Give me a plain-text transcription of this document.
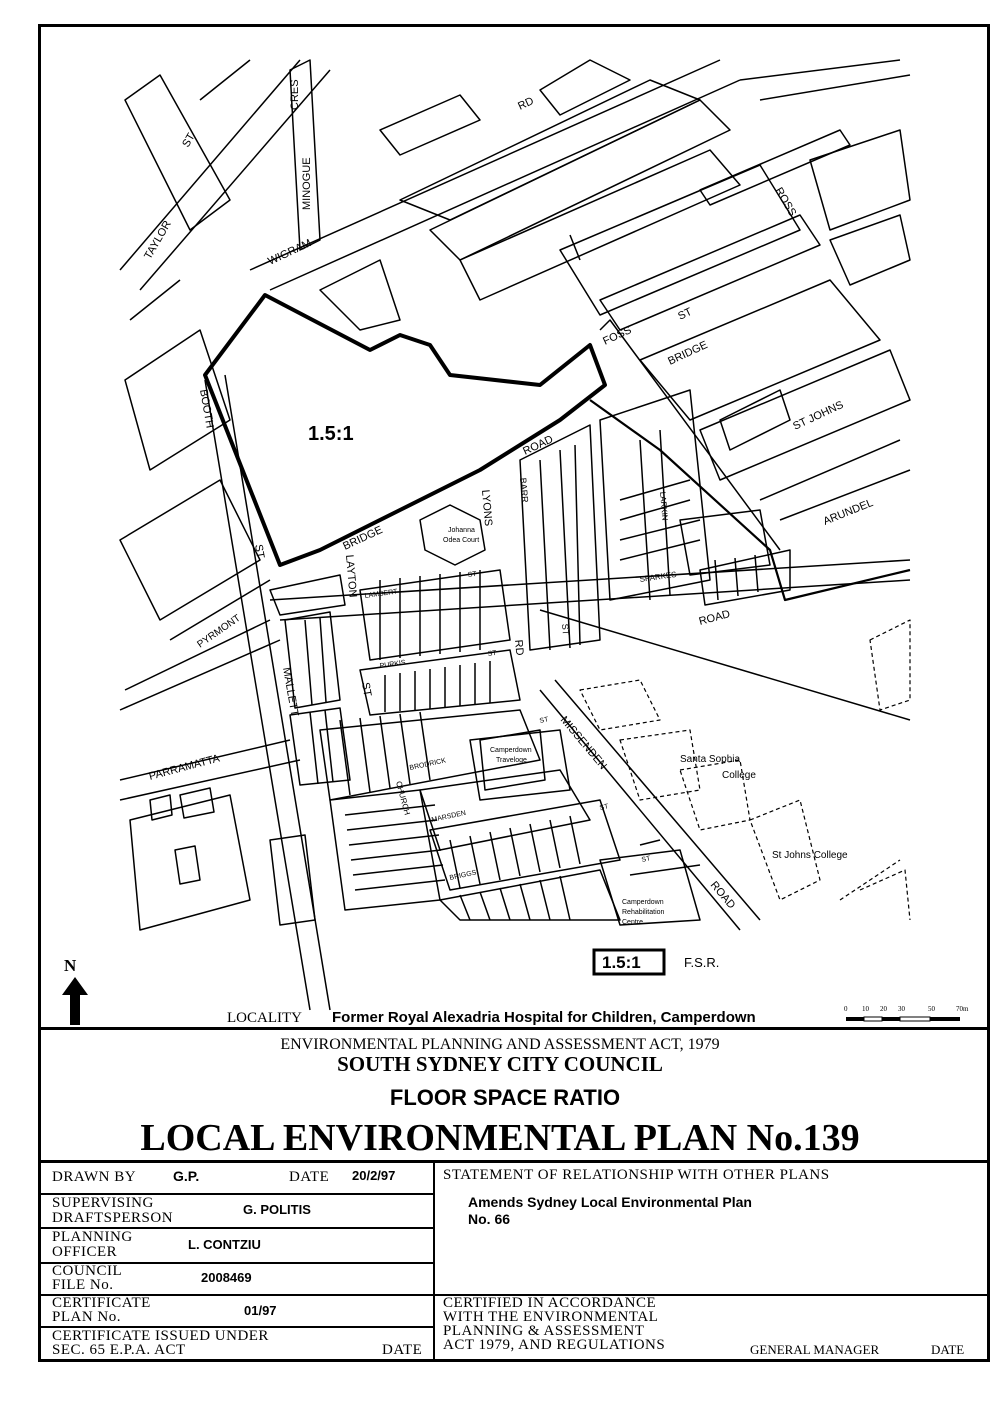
TAYLOR
ST
MINOGUE
CRES
WIGRAM
RD
ROSS
FOSS
ST
BRIDGE
ST JOHNS
ARUNDEL
BOOTH
ST
ROAD
BRIDGE
LYONS	BARR
LARKIN
SPARKES
ROAD
LAYTON LAMBERT
ST
RD
ST
PURKIS
ST
PYRMONT
MALLETT	ST
PARRAMATTA	MISSENDEN
ROAD
BRODRICK
ST
CHURCH
MARSDEN
ST
BRIGGS
ST
Johanna
Odea Court
Camperdown
Traveloge	Santa Sophia
College
St Johns College
Camperdown
Rehabilitation
Centre
1.5:1
1.5:1	F.S.R.
N
LOCALITY Former Royal Alexadria Hospital for Children, Camperdown	0 10 20 30	50	70m
ENVIRONMENTAL PLANNING AND ASSESSMENT ACT, 1979
SOUTH SYDNEY CITY COUNCIL
FLOOR SPACE RATIO
LOCAL ENVIRONMENTAL PLAN No.139
DRAWN BY	G.P.	DATE 20/2/97
SUPERVISING
DRAFTSPERSON
G. POLITIS
PLANNING
OFFICER	L. CONTZIU
COUNCIL
FILE No.	2008469
CERTIFICATE
PLAN No.	01/97
CERTIFICATE ISSUED UNDER
SEC. 65 E.P.A. ACT	DATE
STATEMENT OF RELATIONSHIP WITH OTHER PLANS
Amends Sydney Local Environmental Plan
No. 66
CERTIFIED IN ACCORDANCE
WITH THE ENVIRONMENTAL
PLANNING & ASSESSMENT
ACT 1979, AND REGULATIONS	GENERAL MANAGER	DATE
